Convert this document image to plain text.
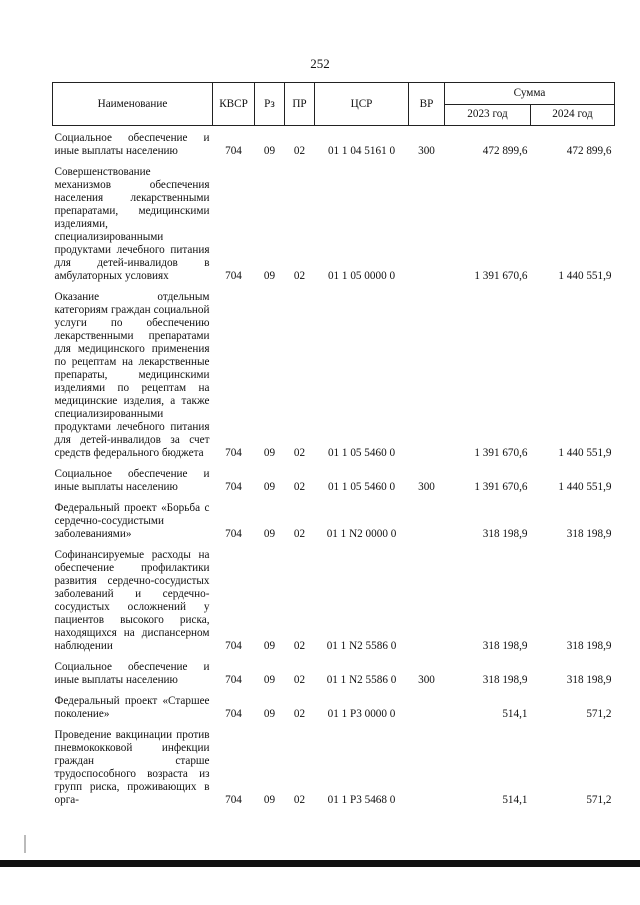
252
Наименование	КВСР	Рз	ПР	ЦСР	ВР	Сумма	
						2023 год	2024 год
Социальное обеспечение и иные выплаты населению	704	09	02	01 1 04 5161 0	300	472 899,6	472 899,6
Совершенствование механизмов обеспечения населения лекарственными препаратами, медицинскими изделиями, специализированными продуктами лечебного питания для детей-инвалидов в амбулаторных условиях	704	09	02	01 1 05 0000 0		1 391 670,6	1 440 551,9
Оказание отдельным категориям граждан социальной услуги по обеспечению лекарственными препаратами для медицинского применения по рецептам на лекарственные препараты, медицинскими изделиями по рецептам на медицинские изделия, а также специализированными продуктами лечебного питания для детей-инвалидов за счет средств федерального бюджета	704	09	02	01 1 05 5460 0		1 391 670,6	1 440 551,9
Социальное обеспечение и иные выплаты населению	704	09	02	01 1 05 5460 0	300	1 391 670,6	1 440 551,9
Федеральный проект «Борьба с сердечно-сосудистыми заболеваниями»	704	09	02	01 1 N2 0000 0		318 198,9	318 198,9
Софинансируемые расходы на обеспечение профилактики развития сердечно-сосудистых заболеваний и сердечно-сосудистых осложнений у пациентов высокого риска, находящихся на диспансерном наблюдении	704	09	02	01 1 N2 5586 0		318 198,9	318 198,9
Социальное обеспечение и иные выплаты населению	704	09	02	01 1 N2 5586 0	300	318 198,9	318 198,9
Федеральный проект «Старшее поколение»	704	09	02	01 1 P3 0000 0		514,1	571,2
Проведение вакцинации против пневмококковой инфекции граждан старше трудоспособного возраста из групп риска, проживающих в орга-	704	09	02	01 1 P3 5468 0		514,1	571,2
